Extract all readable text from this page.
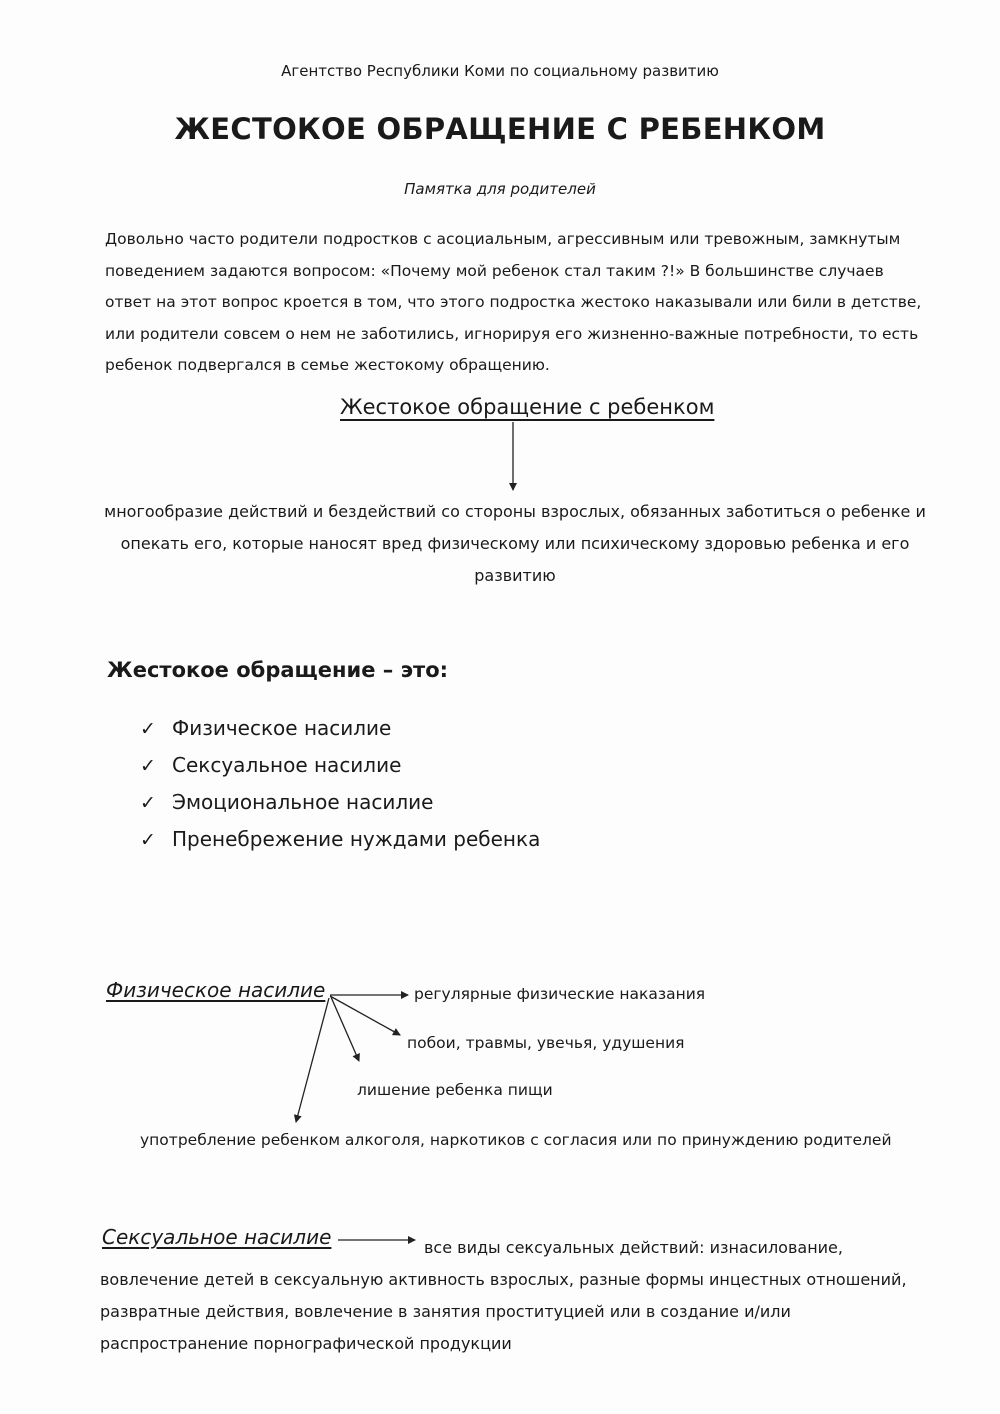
Агентство Республики Коми по социальному развитию
ЖЕСТОКОЕ ОБРАЩЕНИЕ С РЕБЕНКОМ
Памятка для родителей
Довольно часто родители подростков с асоциальным, агрессивным или тревожным, замкнутым поведением задаются вопросом: «Почему мой ребенок стал таким ?!» В большинстве случаев ответ на этот вопрос кроется в том, что этого подростка жестоко наказывали или били в детстве, или родители совсем о нем не заботились, игнорируя его жизненно-важные потребности, то есть ребенок подвергался в семье жестокому обращению.
Жестокое обращение с ребенком
многообразие действий и бездействий со стороны взрослых, обязанных заботиться о ребенке и опекать его, которые наносят вред физическому или психическому здоровью ребенка и его развитию
Жестокое обращение – это:
✓ Физическое насилие
✓ Сексуальное насилие
✓ Эмоциональное насилие
✓ Пренебрежение нуждами ребенка
Физическое насилие	регулярные физические наказания
побои, травмы, увечья, удушения
лишение ребенка пищи
употребление ребенком алкоголя, наркотиков с согласия или по принуждению родителей
Сексуальное насилие	все виды сексуальных действий: изнасилование, вовлечение детей в сексуальную активность взрослых, разные формы инцестных отношений, развратные действия, вовлечение в занятия проституцией или в создание и/или распространение порнографической продукции
